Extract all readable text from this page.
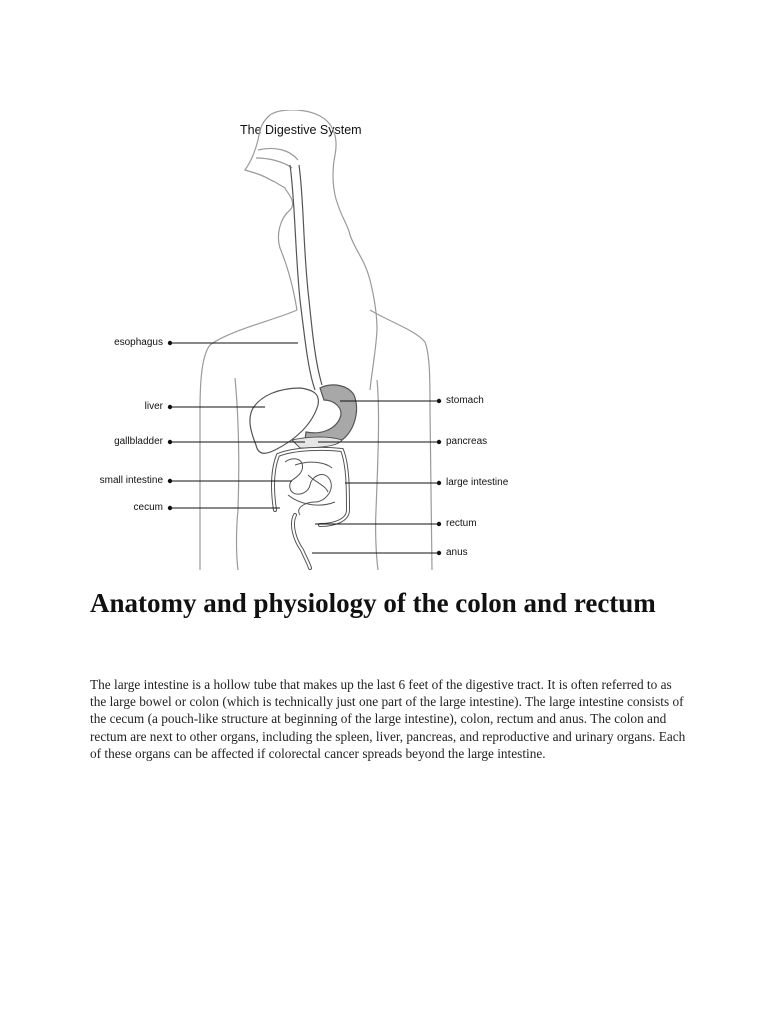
The Digestive System
esophagus
liver
gallbladder
small intestine
cecum
stomach
pancreas
large intestine
rectum
anus
Anatomy and physiology of the colon and rectum

The large intestine is a hollow tube that makes up the last 6 feet of the digestive tract. It is often referred to as the large bowel or colon (which is technically just one part of the large intestine). The large intestine consists of the cecum (a pouch-like structure at beginning of the large intestine), colon, rectum and anus. The colon and rectum are next to other organs, including the spleen, liver, pancreas, and reproductive and urinary organs. Each of these organs can be affected if colorectal cancer spreads beyond the large intestine.
